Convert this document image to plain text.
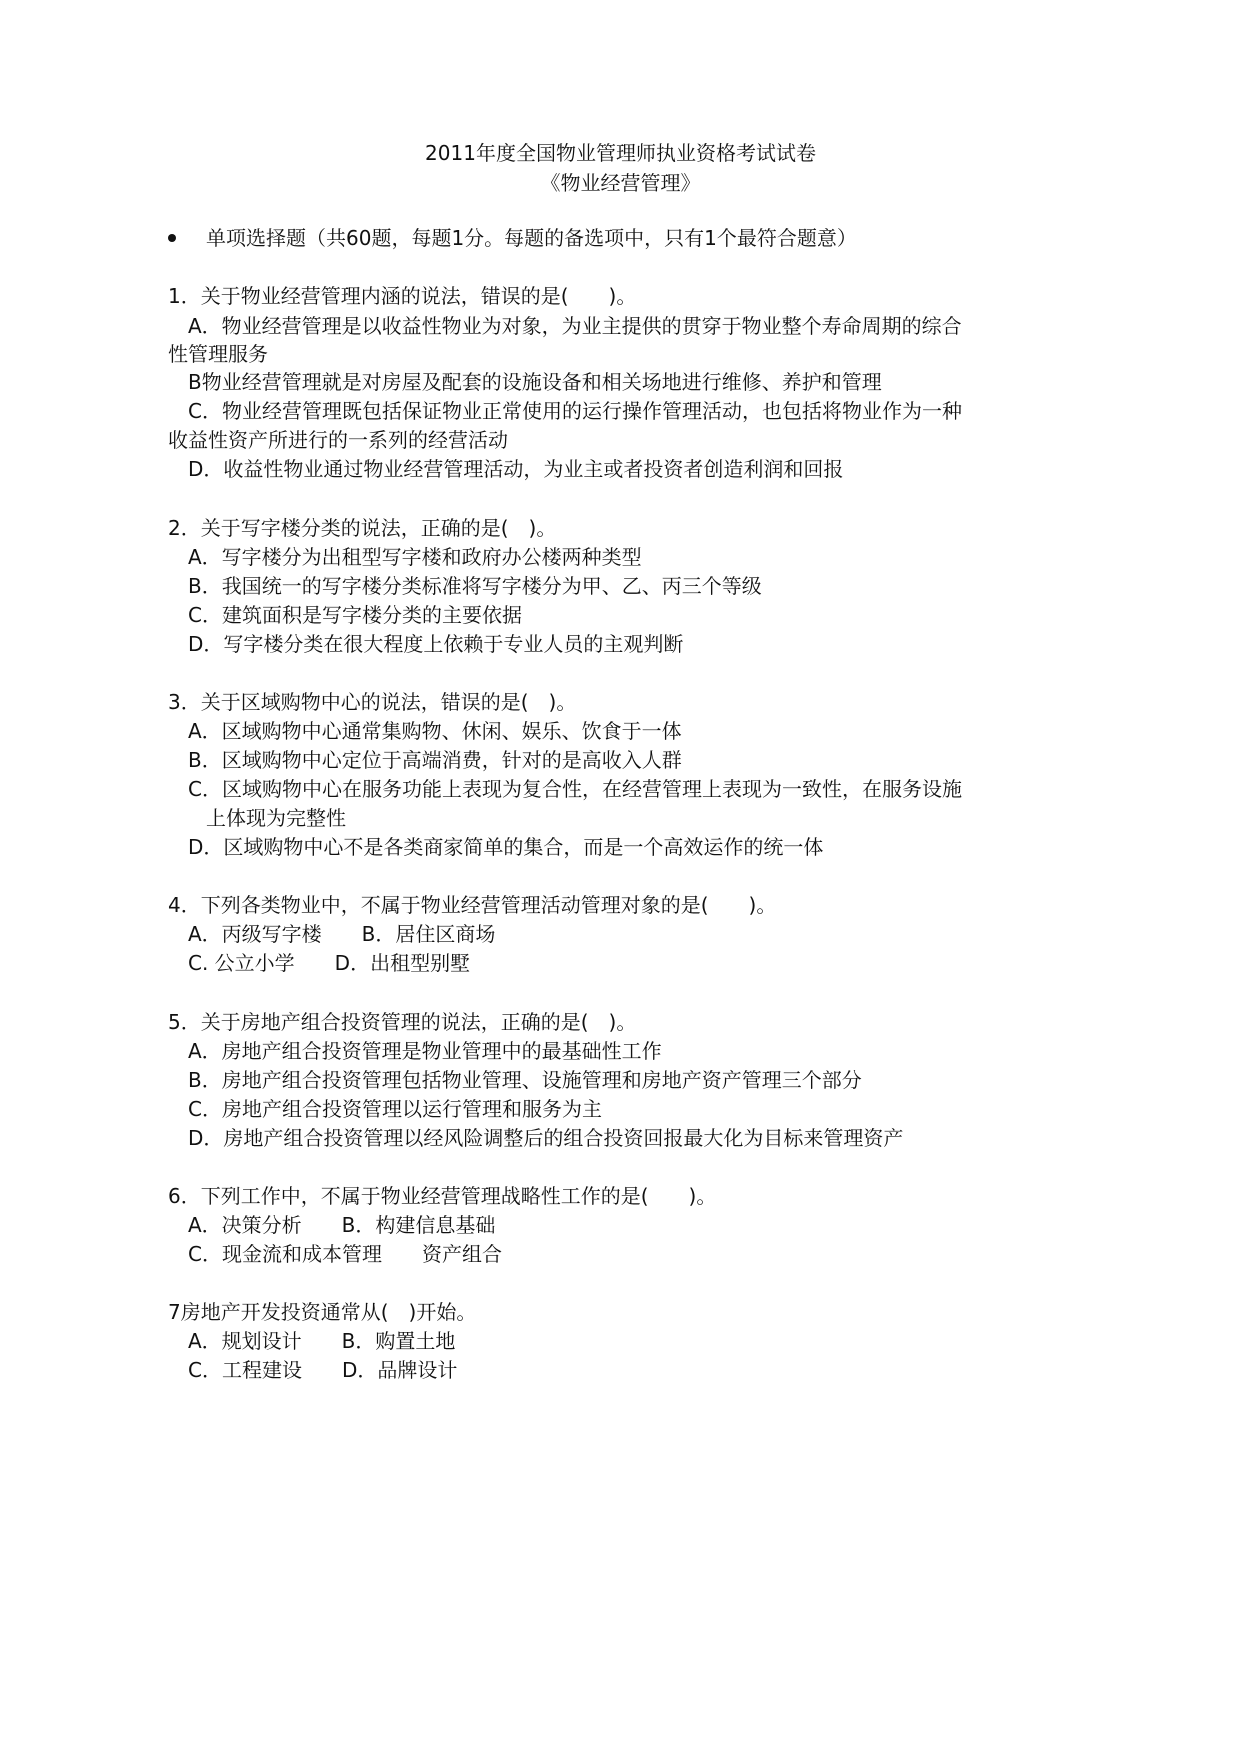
2011年度全国物业管理师执业资格考试试卷
《物业经营管理》
单项选择题（共60题，每题1分。每题的备选项中，只有1个最符合题意）
1．关于物业经营管理内涵的说法，错误的是(　　)。
A．物业经营管理是以收益性物业为对象，为业主提供的贯穿于物业整个寿命周期的综合
性管理服务
B物业经营管理就是对房屋及配套的设施设备和相关场地进行维修、养护和管理
C．物业经营管理既包括保证物业正常使用的运行操作管理活动，也包括将物业作为一种
收益性资产所进行的一系列的经营活动
D．收益性物业通过物业经营管理活动，为业主或者投资者创造利润和回报
2．关于写字楼分类的说法，正确的是(　)。
A．写字楼分为出租型写字楼和政府办公楼两种类型
B．我国统一的写字楼分类标准将写字楼分为甲、乙、丙三个等级
C．建筑面积是写字楼分类的主要依据
D．写字楼分类在很大程度上依赖于专业人员的主观判断
3．关于区域购物中心的说法，错误的是(　)。
A．区域购物中心通常集购物、休闲、娱乐、饮食于一体
B．区域购物中心定位于高端消费，针对的是高收入人群
C．区域购物中心在服务功能上表现为复合性，在经营管理上表现为一致性，在服务设施
上体现为完整性
D．区域购物中心不是各类商家简单的集合，而是一个高效运作的统一体
4．下列各类物业中，不属于物业经营管理活动管理对象的是(　　)。
A．丙级写字楼　　B．居住区商场
C. 公立小学　　D．出租型别墅
5．关于房地产组合投资管理的说法，正确的是(　)。
A．房地产组合投资管理是物业管理中的最基础性工作
B．房地产组合投资管理包括物业管理、设施管理和房地产资产管理三个部分
C．房地产组合投资管理以运行管理和服务为主
D．房地产组合投资管理以经风险调整后的组合投资回报最大化为目标来管理资产
6．下列工作中，不属于物业经营管理战略性工作的是(　　)。
A．决策分析　　B．构建信息基础
C．现金流和成本管理　　资产组合
7房地产开发投资通常从(　)开始。
A．规划设计　　B．购置土地
C．工程建设　　D．品牌设计
